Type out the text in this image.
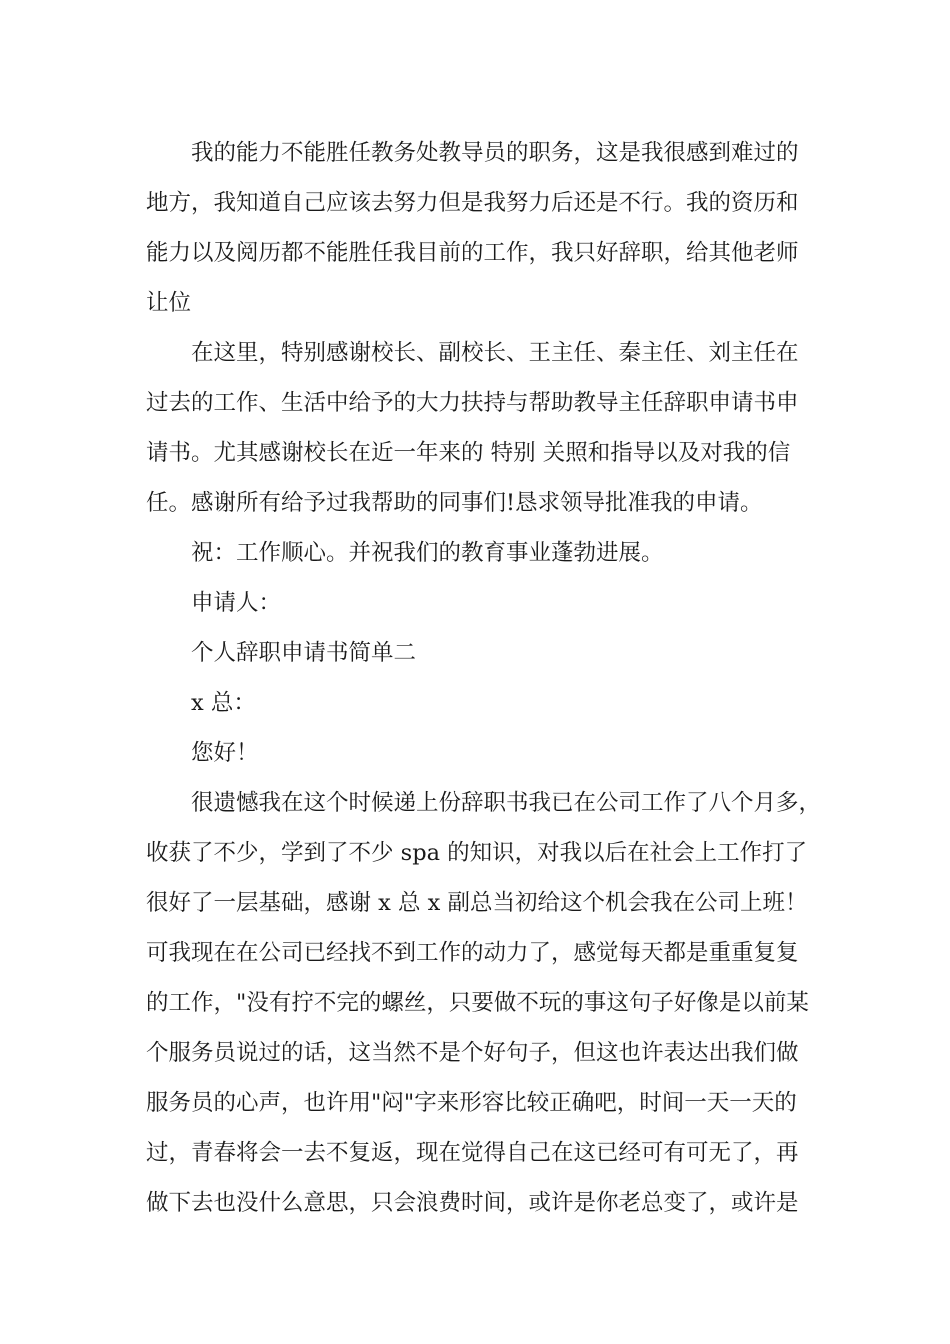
我的能力不能胜任教务处教导员的职务，这是我很感到难过的
地方，我知道自己应该去努力但是我努力后还是不行。我的资历和
能力以及阅历都不能胜任我目前的工作，我只好辞职，给其他老师
让位
在这里，特别感谢校长、副校长、王主任、秦主任、刘主任在
过去的工作、生活中给予的大力扶持与帮助教导主任辞职申请书申
请书。尤其感谢校长在近一年来的 特别 关照和指导以及对我的信
任。感谢所有给予过我帮助的同事们!恳求领导批准我的申请。
祝：工作顺心。并祝我们的教育事业蓬勃进展。
申请人：
个人辞职申请书简单二
x 总：
您好！
很遗憾我在这个时候递上份辞职书我已在公司工作了八个月多，
收获了不少，学到了不少 spa 的知识，对我以后在社会上工作打了
很好了一层基础，感谢 x 总 x 副总当初给这个机会我在公司上班！
可我现在在公司已经找不到工作的动力了，感觉每天都是重重复复
的工作，"没有拧不完的螺丝，只要做不玩的事这句子好像是以前某
个服务员说过的话，这当然不是个好句子，但这也许表达出我们做
服务员的心声，也许用"闷"字来形容比较正确吧，时间一天一天的
过，青春将会一去不复返，现在觉得自己在这已经可有可无了，再
做下去也没什么意思，只会浪费时间，或许是你老总变了，或许是
